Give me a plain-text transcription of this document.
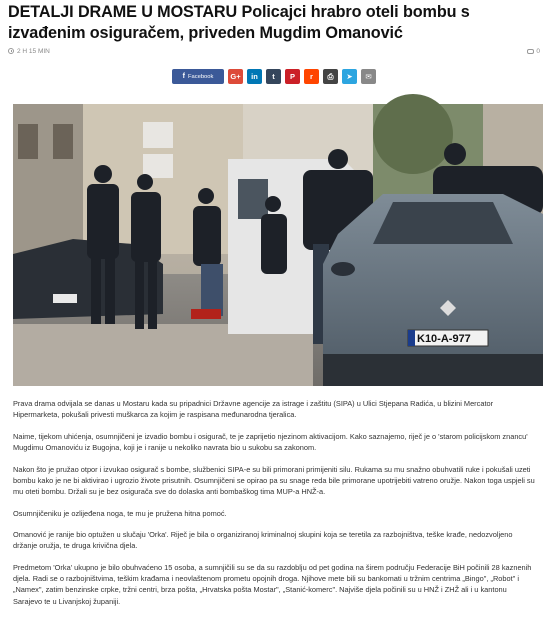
DETALJI DRAME U MOSTARU Policajci hrabro oteli bombu s izvađenim osiguračem, priveden Mugdim Omanović
2 H 15 MIN	0
f Facebook G+ in t P r ⎙ ➤ ✉
K10-A-977

Prava drama odvijala se danas u Mostaru kada su pripadnici Državne agencije za istrage i zaštitu (SIPA) u Ulici Stjepana Radića, u blizini Mercator Hipermarketa, pokušali privesti muškarca za kojim je raspisana međunarodna tjeralica.

Naime, tijekom uhićenja, osumnjičeni je izvadio bombu i osigurač, te je zaprijetio njezinom aktivacijom. Kako saznajemo, riječ je o 'starom policijskom znancu' Mugdimu Omanoviću iz Bugojna, koji je i ranije u nekoliko navrata bio u sukobu sa zakonom.

Nakon što je pružao otpor i izvukao osigurač s bombe, službenici SIPA-e su bili primorani primijeniti silu. Rukama su mu snažno obuhvatili ruke i pokušali uzeti bombu kako je ne bi aktivirao i ugrozio živote prisutnih. Osumnjičeni se opirao pa su snage reda bile primorane upotrijebiti vatreno oružje. Nakon toga uspjeli su mu oteti bombu. Držali su je bez osigurača sve do dolaska anti bombaškog tima MUP-a HNŽ-a.

Osumnjičeniku je ozlijeđena noga, te mu je pružena hitna pomoć.

Omanović je ranije bio optužen u slučaju 'Orka'. Riječ je bila o organiziranoj kriminalnoj skupini koja se teretila za razbojništva, teške krađe, nedozvoljeno držanje oružja, te druga krivična djela.

Predmetom 'Orka' ukupno je bilo obuhvaćeno 15 osoba, a sumnjičili su se da su razdoblju od pet godina na širem području Federacije BiH počinili 28 kaznenih djela. Radi se o razbojništvima, teškim krađama i neovlaštenom prometu opojnih droga. Njihove mete bili su bankomati u tržnim centrima „Bingo", „Robot" i „Namex", zatim benzinske crpke, tržni centri, brza pošta, „Hrvatska pošta Mostar", „Stanić-komerc". Najviše djela počinili su u HNŽ i ZHŽ ali i u kantonu Sarajevo te u Livanjskoj županiji.
